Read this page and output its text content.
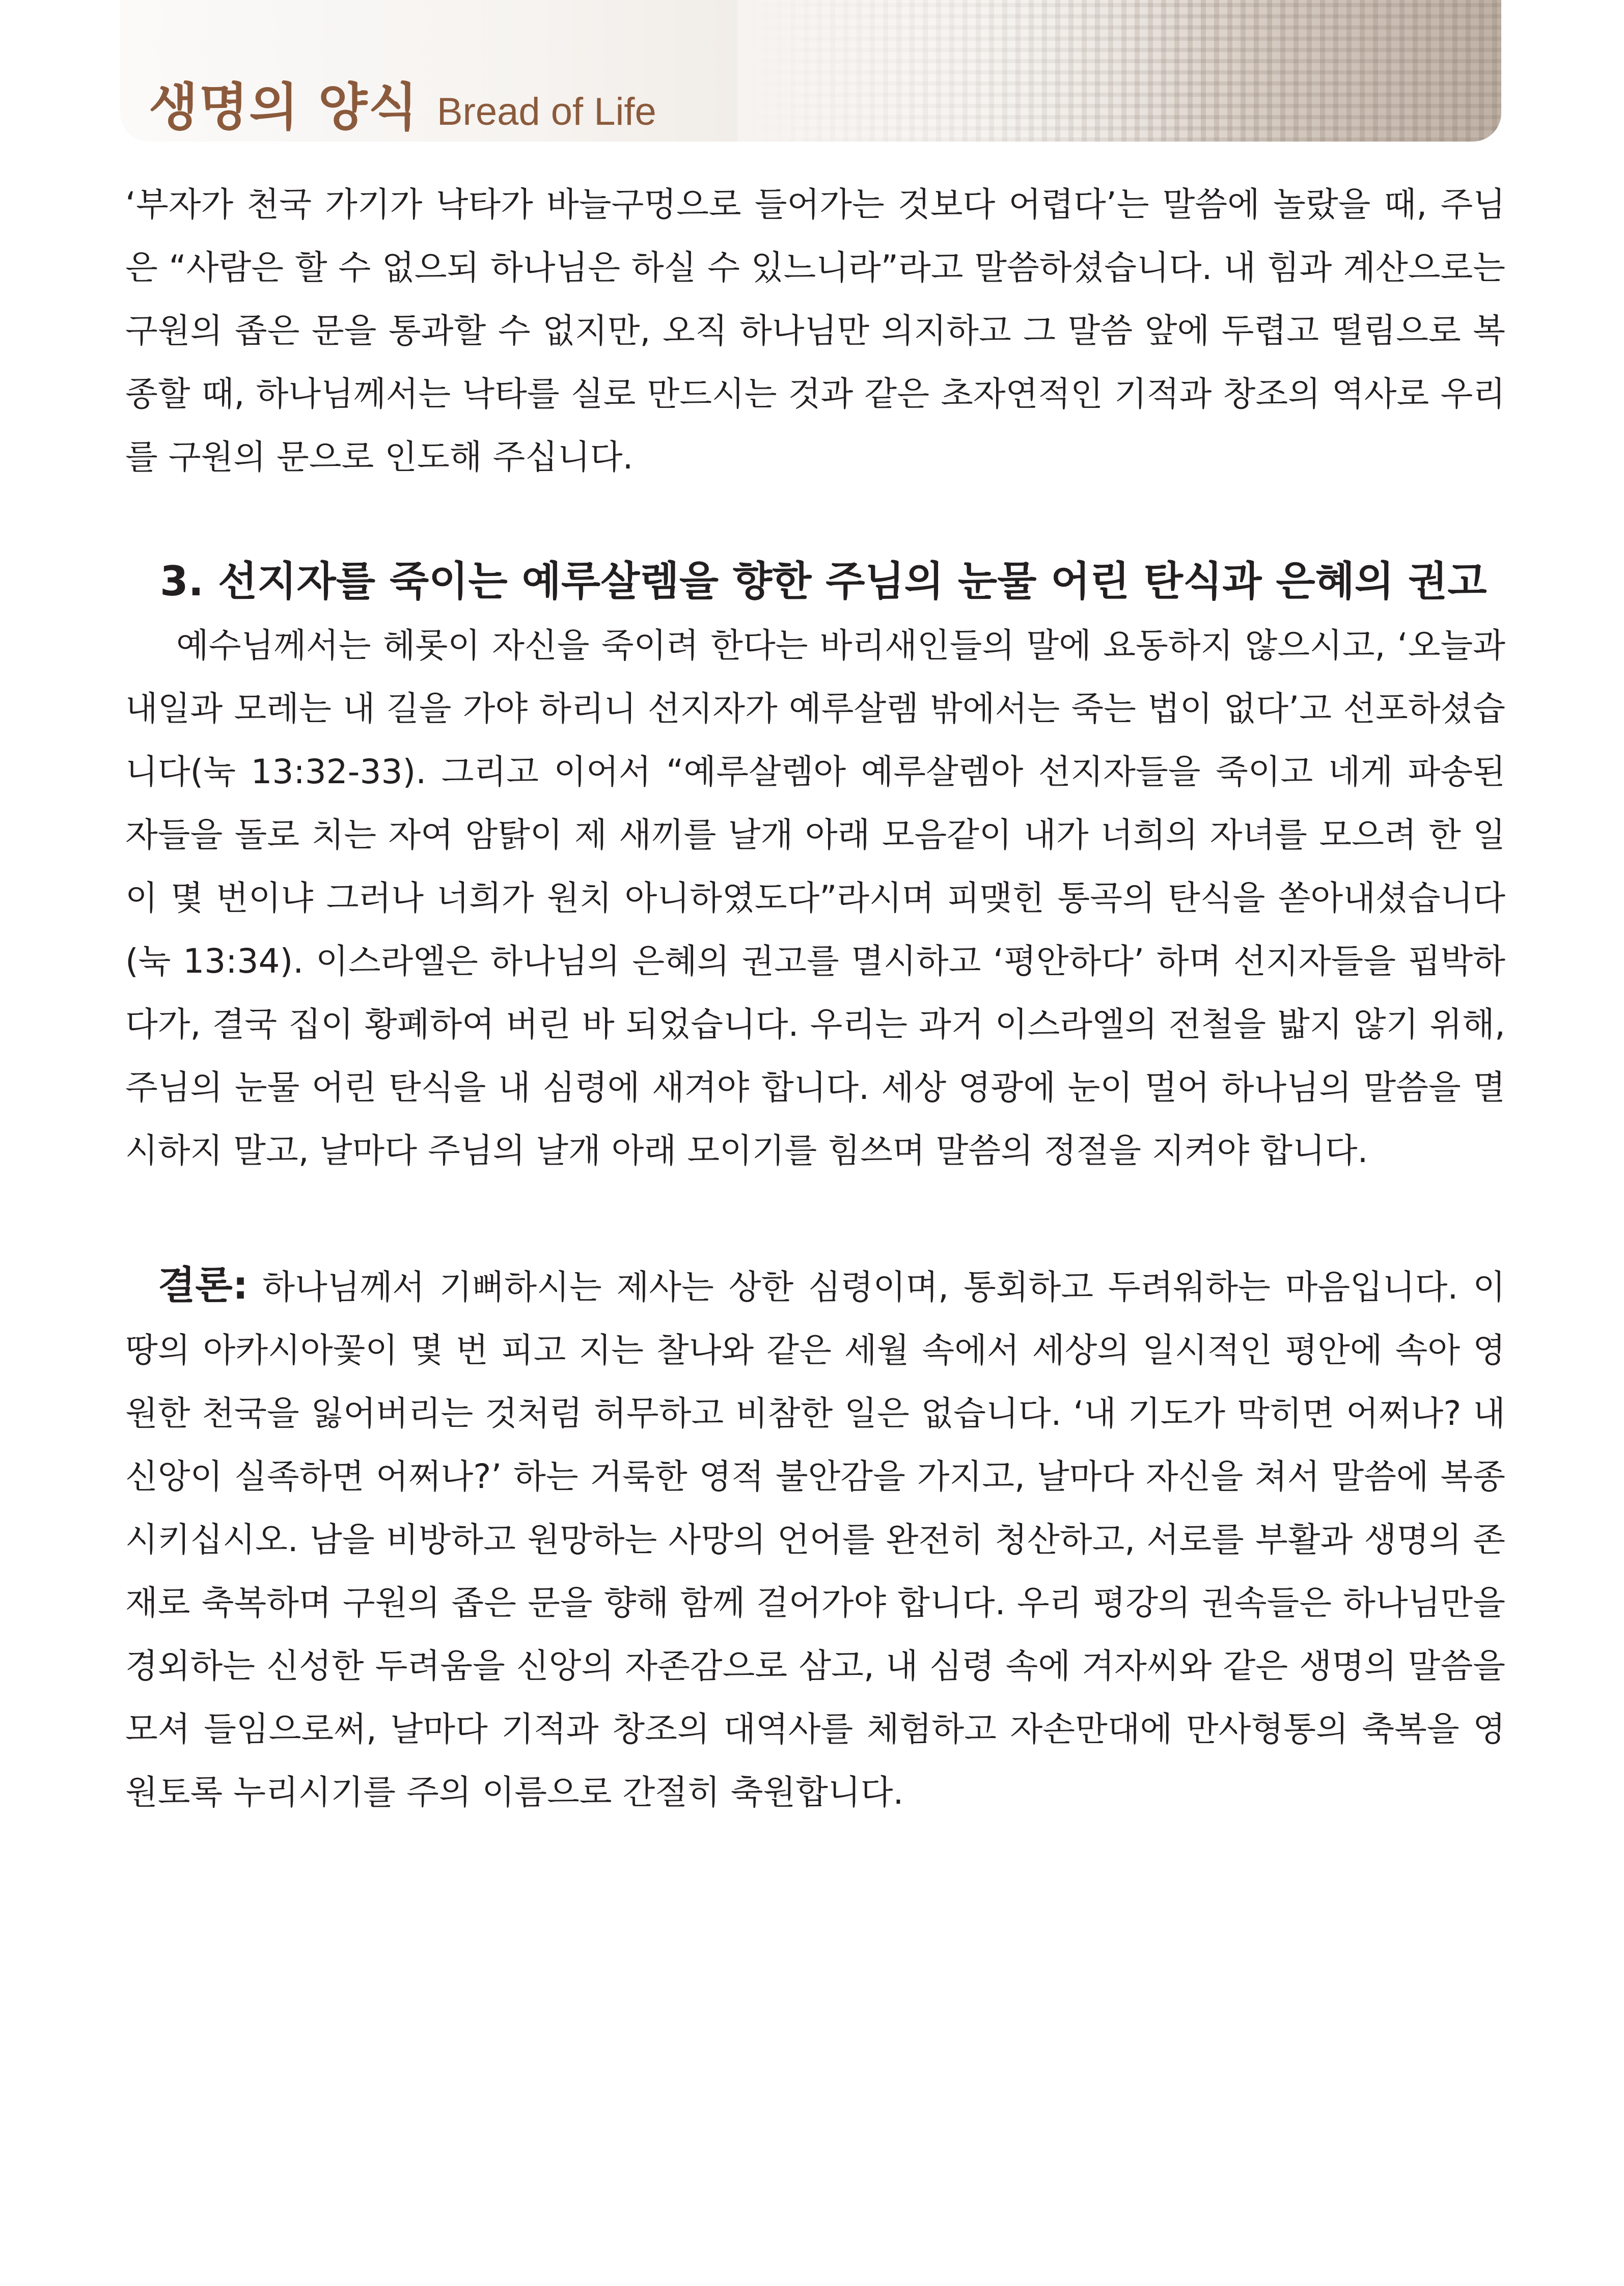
생명의 양식 Bread of Life

‘부자가 천국 가기가 낙타가 바늘구멍으로 들어가는 것보다 어렵다’는 말씀에 놀랐을 때, 주님은 “사람은 할 수 없으되 하나님은 하실 수 있느니라”라고 말씀하셨습니다. 내 힘과 계산으로는 구원의 좁은 문을 통과할 수 없지만, 오직 하나님만 의지하고 그 말씀 앞에 두렵고 떨림으로 복종할 때, 하나님께서는 낙타를 실로 만드시는 것과 같은 초자연적인 기적과 창조의 역사로 우리를 구원의 문으로 인도해 주십니다.

3. 선지자를 죽이는 예루살렘을 향한 주님의 눈물 어린 탄식과 은혜의 권고

예수님께서는 헤롯이 자신을 죽이려 한다는 바리새인들의 말에 요동하지 않으시고, ‘오늘과 내일과 모레는 내 길을 가야 하리니 선지자가 예루살렘 밖에서는 죽는 법이 없다’고 선포하셨습니다(눅 13:32-33). 그리고 이어서 “예루살렘아 예루살렘아 선지자들을 죽이고 네게 파송된 자들을 돌로 치는 자여 암탉이 제 새끼를 날개 아래 모음같이 내가 너희의 자녀를 모으려 한 일이 몇 번이냐 그러나 너희가 원치 아니하였도다”라시며 피맺힌 통곡의 탄식을 쏟아내셨습니다(눅 13:34). 이스라엘은 하나님의 은혜의 권고를 멸시하고 ‘평안하다’ 하며 선지자들을 핍박하다가, 결국 집이 황폐하여 버린 바 되었습니다. 우리는 과거 이스라엘의 전철을 밟지 않기 위해, 주님의 눈물 어린 탄식을 내 심령에 새겨야 합니다. 세상 영광에 눈이 멀어 하나님의 말씀을 멸시하지 말고, 날마다 주님의 날개 아래 모이기를 힘쓰며 말씀의 정절을 지켜야 합니다.

결론: 하나님께서 기뻐하시는 제사는 상한 심령이며, 통회하고 두려워하는 마음입니다. 이 땅의 아카시아꽃이 몇 번 피고 지는 찰나와 같은 세월 속에서 세상의 일시적인 평안에 속아 영원한 천국을 잃어버리는 것처럼 허무하고 비참한 일은 없습니다. ‘내 기도가 막히면 어쩌나? 내 신앙이 실족하면 어쩌나?’ 하는 거룩한 영적 불안감을 가지고, 날마다 자신을 쳐서 말씀에 복종시키십시오. 남을 비방하고 원망하는 사망의 언어를 완전히 청산하고, 서로를 부활과 생명의 존재로 축복하며 구원의 좁은 문을 향해 함께 걸어가야 합니다. 우리 평강의 권속들은 하나님만을 경외하는 신성한 두려움을 신앙의 자존감으로 삼고, 내 심령 속에 겨자씨와 같은 생명의 말씀을 모셔 들임으로써, 날마다 기적과 창조의 대역사를 체험하고 자손만대에 만사형통의 축복을 영원토록 누리시기를 주의 이름으로 간절히 축원합니다.
